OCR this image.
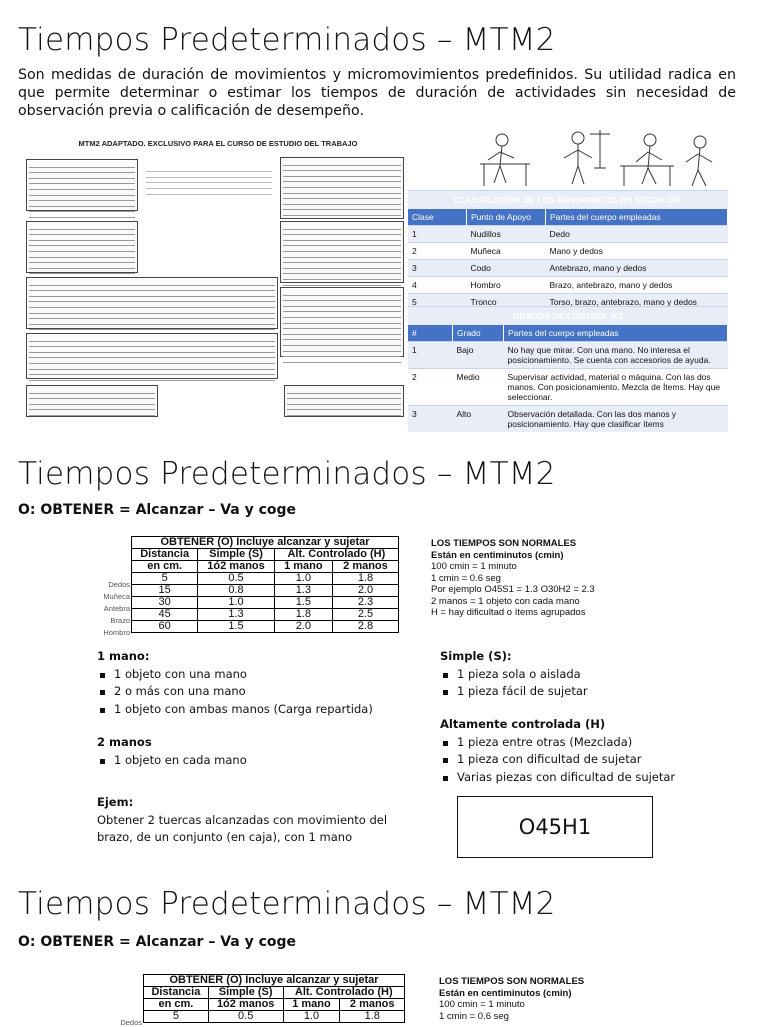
Tiempos Predeterminados – MTM2
Son medidas de duración de movimientos y micromovimientos predefinidos. Su utilidad radica en que permite determinar o estimar los tiempos de duración de actividades sin necesidad de observación previa o calificación de desempeño.
MTM2 ADAPTADO. EXCLUSIVO PARA EL CURSO DE ESTUDIO DEL TRABAJO
CLASIFICACIÓN DE LOS MOVIMIENTOS (M) SEGÚN OIT		
Clase	Punto de Apoyo	Partes del cuerpo empleadas
1	Nudillos	Dedo
2	Muñeca	Mano y dedos
3	Codo	Antebrazo, mano y dedos
4	Hombro	Brazo, antebrazo, mano y dedos
5	Tronco	Torso, brazo, antebrazo, mano y dedos
GRADOS DE CONTROL (C)		
#	Grado	Partes del cuerpo empleadas
1	Bajo	No hay que mirar. Con una mano. No interesa el posicionamiento. Se cuenta con accesorios de ayuda.
2	Medio	Supervisar actividad, material o máquina. Con las dos manos. Con posicionamiento. Mezcla de Ítems. Hay que seleccionar.
3	Alto	Observación detallada. Con las dos manos y posicionamiento. Hay que clasificar ítems
Tiempos Predeterminados – MTM2
O: OBTENER = Alcanzar – Va y coge
OBTENER (O) Incluye alcanzar y sujetar			
Distancia	Simple (S)	Alt. Controlado (H)	
en cm.	1ó2 manos	1 mano	2 manos
5	0.5	1.0	1.8
15	0.8	1.3	2.0
30	1.0	1.5	2.3
45	1.3	1.8	2.5
60	1.5	2.0	2.8
Dedos
Muñeca
Antebra
Brazo
Hombro
LOS TIEMPOS SON NORMALES
Están en centiminutos (cmin)
100 cmin = 1 minuto
1 cmin = 0.6 seg
Por ejemplo O45S1 = 1.3 O30H2 = 2.3
2 manos = 1 objeto con cada mano
H = hay dificultad o ítems agrupados
1 mano:
1 objeto con una mano
2 o más con una mano
1 objeto con ambas manos (Carga repartida)
2 manos
1 objeto en cada mano
Ejem:
Obtener 2 tuercas alcanzadas con movimiento del brazo, de un conjunto (en caja), con 1 mano
Simple (S):
1 pieza sola o aislada
1 pieza fácil de sujetar
Altamente controlada (H)
1 pieza entre otras (Mezclada)
1 pieza con dificultad de sujetar
Varias piezas con dificultad de sujetar
O45H1
Tiempos Predeterminados – MTM2
O: OBTENER = Alcanzar – Va y coge
OBTENER (O) Incluye alcanzar y sujetar			
Distancia	Simple (S)	Alt. Controlado (H)	
en cm.	1ó2 manos	1 mano	2 manos
5	0.5	1.0	1.8
Dedos
LOS TIEMPOS SON NORMALES
Están en centiminutos (cmin)
100 cmin = 1 minuto
1 cmin = 0.6 seg
